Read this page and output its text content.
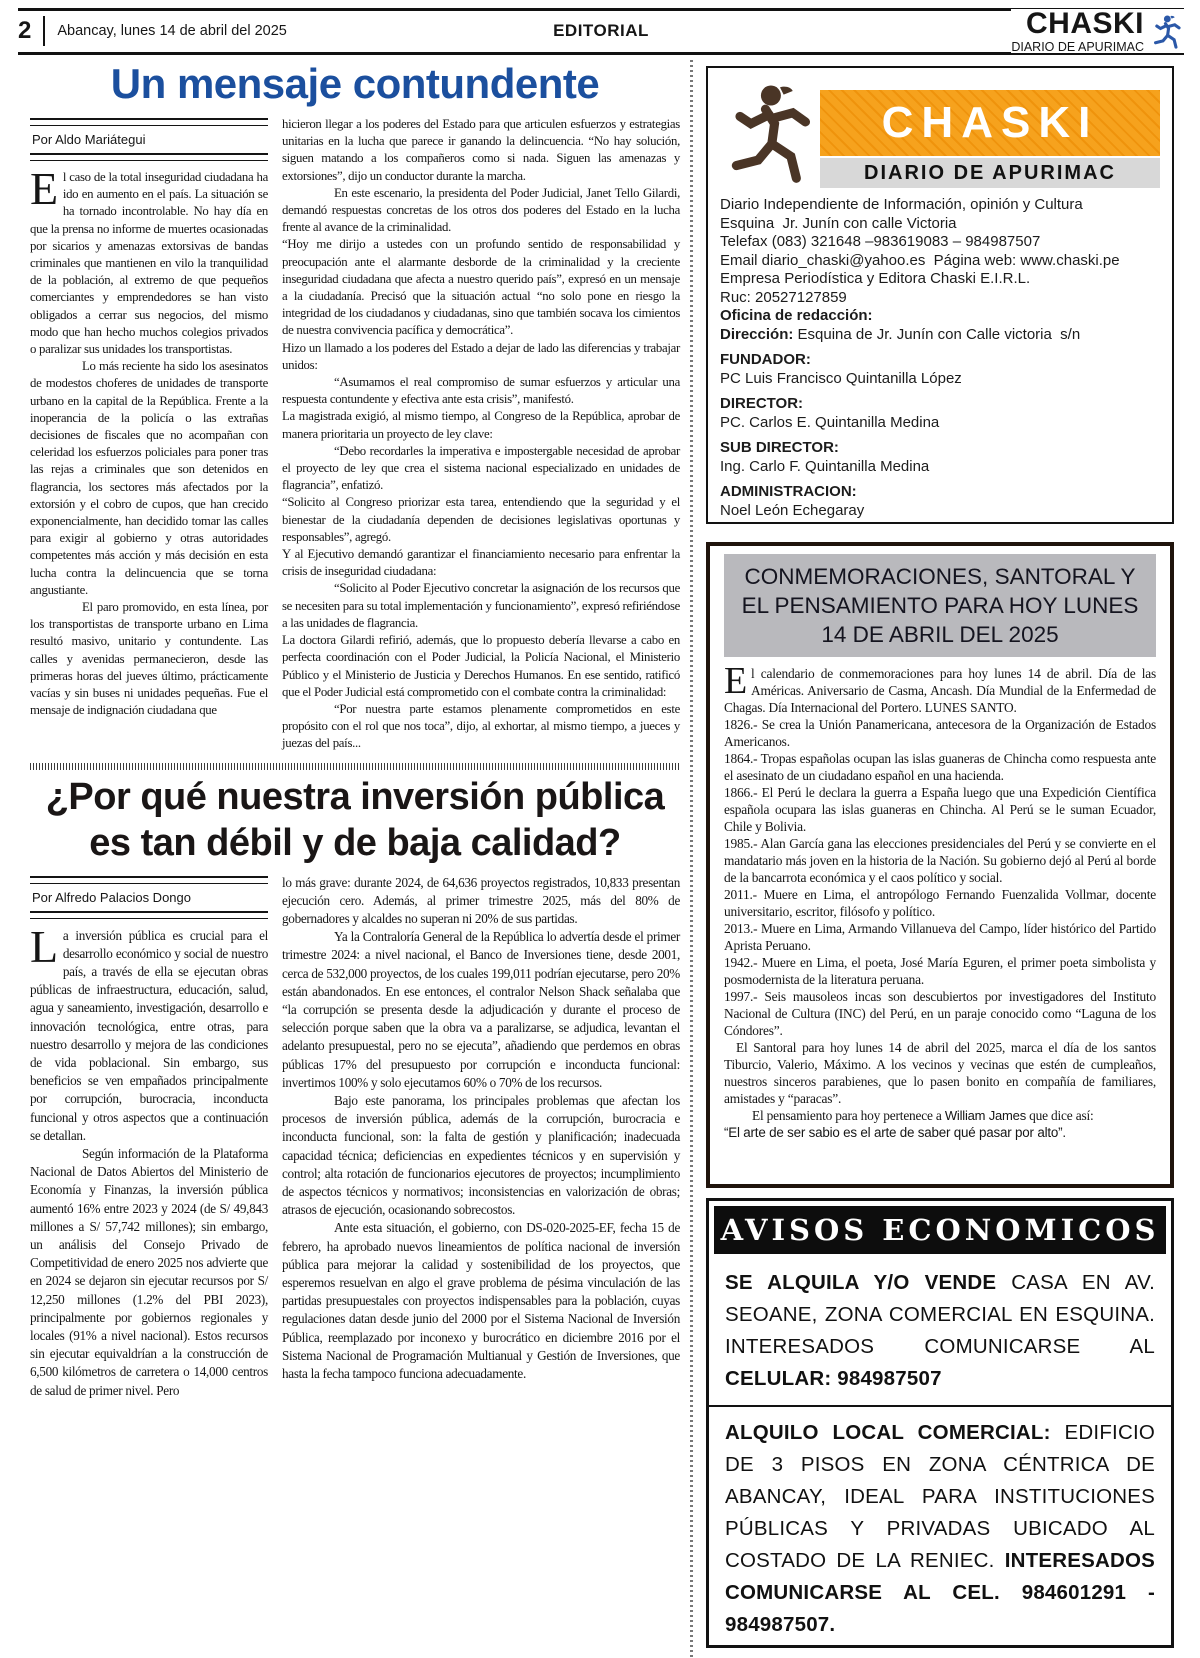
2 Abancay, lunes 14 de abril del 2025	EDITORIAL	CHASKI
DIARIO DE APURIMAC
Un mensaje contundente
Por Aldo Mariátegui

El caso de la total inseguridad ciudadana ha ido en aumento en el país. La situación se ha tornado incontrolable. No hay día en que la prensa no informe de muertes ocasionadas por sicarios y amenazas extorsivas de bandas criminales que mantienen en vilo la tranquilidad de la población, al extremo de que pequeños comerciantes y emprendedores se han visto obligados a cerrar sus negocios, del mismo modo que han hecho muchos colegios privados o paralizar sus unidades los transportistas.

Lo más reciente ha sido los asesinatos de modestos choferes de unidades de transporte urbano en la capital de la República. Frente a la inoperancia de la policía o las extrañas decisiones de fiscales que no acompañan con celeridad los esfuerzos policiales para poner tras las rejas a criminales que son detenidos en flagrancia, los sectores más afectados por la extorsión y el cobro de cupos, que han crecido exponencialmente, han decidido tomar las calles para exigir al gobierno y otras autoridades competentes más acción y más decisión en esta lucha contra la delincuencia que se torna angustiante.

El paro promovido, en esta línea, por los transportistas de transporte urbano en Lima resultó masivo, unitario y contundente. Las calles y avenidas permanecieron, desde las primeras horas del jueves último, prácticamente vacías y sin buses ni unidades pequeñas. Fue el mensaje de indignación ciudadana que

hicieron llegar a los poderes del Estado para que articulen esfuerzos y estrategias unitarias en la lucha que parece ir ganando la delincuencia. “No hay solución, siguen matando a los compañeros como si nada. Siguen las amenazas y extorsiones”, dijo un conductor durante la marcha.

En este escenario, la presidenta del Poder Judicial, Janet Tello Gilardi, demandó respuestas concretas de los otros dos poderes del Estado en la lucha frente al avance de la criminalidad.

“Hoy me dirijo a ustedes con un profundo sentido de responsabilidad y preocupación ante el alarmante desborde de la criminalidad y la creciente inseguridad ciudadana que afecta a nuestro querido país”, expresó en un mensaje a la ciudadanía. Precisó que la situación actual “no solo pone en riesgo la integridad de los ciudadanos y ciudadanas, sino que también socava los cimientos de nuestra convivencia pacífica y democrática”.

Hizo un llamado a los poderes del Estado a dejar de lado las diferencias y trabajar unidos:

“Asumamos el real compromiso de sumar esfuerzos y articular una respuesta contundente y efectiva ante esta crisis”, manifestó.

La magistrada exigió, al mismo tiempo, al Congreso de la República, aprobar de manera prioritaria un proyecto de ley clave:

“Debo recordarles la imperativa e impostergable necesidad de aprobar el proyecto de ley que crea el sistema nacional especializado en unidades de flagrancia”, enfatizó.

“Solicito al Congreso priorizar esta tarea, entendiendo que la seguridad y el bienestar de la ciudadanía dependen de decisiones legislativas oportunas y responsables”, agregó.

Y al Ejecutivo demandó garantizar el financiamiento necesario para enfrentar la crisis de inseguridad ciudadana:

“Solicito al Poder Ejecutivo concretar la asignación de los recursos que se necesiten para su total implementación y funcionamiento”, expresó refiriéndose a las unidades de flagrancia.

La doctora Gilardi refirió, además, que lo propuesto debería llevarse a cabo en perfecta coordinación con el Poder Judicial, la Policía Nacional, el Ministerio Público y el Ministerio de Justicia y Derechos Humanos. En ese sentido, ratificó que el Poder Judicial está comprometido con el combate contra la criminalidad:

“Por nuestra parte estamos plenamente comprometidos en este propósito con el rol que nos toca”, dijo, al exhortar, al mismo tiempo, a jueces y juezas del país...

¿Por qué nuestra inversión pública
es tan débil y de baja calidad?
Por Alfredo Palacios Dongo

La inversión pública es crucial para el desarrollo económico y social de nuestro país, a través de ella se ejecutan obras públicas de infraestructura, educación, salud, agua y saneamiento, investigación, desarrollo e innovación tecnológica, entre otras, para nuestro desarrollo y mejora de las condiciones de vida poblacional. Sin embargo, sus beneficios se ven empañados principalmente por corrupción, burocracia, inconducta funcional y otros aspectos que a continuación se detallan.

Según información de la Plataforma Nacional de Datos Abiertos del Ministerio de Economía y Finanzas, la inversión pública aumentó 16% entre 2023 y 2024 (de S/ 49,843 millones a S/ 57,742 millones); sin embargo, un análisis del Consejo Privado de Competitividad de enero 2025 nos advierte que en 2024 se dejaron sin ejecutar recursos por S/ 12,250 millones (1.2% del PBI 2023), principalmente por gobiernos regionales y locales (91% a nivel nacional). Estos recursos sin ejecutar equivaldrían a la construcción de 6,500 kilómetros de carretera o 14,000 centros de salud de primer nivel. Pero

lo más grave: durante 2024, de 64,636 proyectos registrados, 10,833 presentan ejecución cero. Además, al primer trimestre 2025, más del 80% de gobernadores y alcaldes no superan ni 20% de sus partidas.

Ya la Contraloría General de la República lo advertía desde el primer trimestre 2024: a nivel nacional, el Banco de Inversiones tiene, desde 2001, cerca de 532,000 proyectos, de los cuales 199,011 podrían ejecutarse, pero 20% están abandonados. En ese entonces, el contralor Nelson Shack señalaba que “la corrupción se presenta desde la adjudicación y durante el proceso de selección porque saben que la obra va a paralizarse, se adjudica, levantan el adelanto presupuestal, pero no se ejecuta”, añadiendo que perdemos en obras públicas 17% del presupuesto por corrupción e inconducta funcional: invertimos 100% y solo ejecutamos 60% o 70% de los recursos.

Bajo este panorama, los principales problemas que afectan los procesos de inversión pública, además de la corrupción, burocracia e inconducta funcional, son: la falta de gestión y planificación; inadecuada capacidad técnica; deficiencias en expedientes técnicos y en supervisión y control; alta rotación de funcionarios ejecutores de proyectos; incumplimiento de aspectos técnicos y normativos; inconsistencias en valorización de obras; atrasos de ejecución, ocasionando sobrecostos.

Ante esta situación, el gobierno, con DS-020-2025-EF, fecha 15 de febrero, ha aprobado nuevos lineamientos de política nacional de inversión pública para mejorar la calidad y sostenibilidad de los proyectos, que esperemos resuelvan en algo el grave problema de pésima vinculación de las partidas presupuestales con proyectos indispensables para la población, cuyas regulaciones datan desde junio del 2000 por el Sistema Nacional de Inversión Pública, reemplazado por inconexo y burocrático en diciembre 2016 por el Sistema Nacional de Programación Multianual y Gestión de Inversiones, que hasta la fecha tampoco funciona adecuadamente.

CHASKI
DIARIO DE APURIMAC
Diario Independiente de Información, opinión y Cultura
Esquina  Jr. Junín con calle Victoria
Telefax (083) 321648 –983619083 – 984987507
Email diario_chaski@yahoo.es  Página web: www.chaski.pe
Empresa Periodística y Editora Chaski E.I.R.L.
Ruc: 20527127859
Oficina de redacción:
Dirección: Esquina de Jr. Junín con Calle victoria  s/n
FUNDADOR:
PC Luis Francisco Quintanilla López
DIRECTOR:
PC. Carlos E. Quintanilla Medina
SUB DIRECTOR:
Ing. Carlo F. Quintanilla Medina
ADMINISTRACION:
Noel León Echegaray
CONMEMORACIONES, SANTORAL Y EL PENSAMIENTO PARA HOY LUNES 14 DE ABRIL DEL 2025

El calendario de conmemoraciones para hoy lunes 14 de abril. Día de las Américas. Aniversario de Casma, Ancash. Día Mundial de la Enfermedad de Chagas. Día Internacional del Portero. LUNES SANTO.

1826.- Se crea la Unión Panamericana, antecesora de la Organización de Estados Americanos.

1864.- Tropas españolas ocupan las islas guaneras de Chincha como respuesta ante el asesinato de un ciudadano español en una hacienda.

1866.- El Perú le declara la guerra a España luego que una Expedición Científica española ocupara las islas guaneras en Chincha. Al Perú se le suman Ecuador, Chile y Bolivia.

1985.- Alan García gana las elecciones presidenciales del Perú y se convierte en el mandatario más joven en la historia de la Nación. Su gobierno dejó al Perú al borde de la bancarrota económica y el caos político y social.

2011.- Muere en Lima, el antropólogo Fernando Fuenzalida Vollmar, docente universitario, escritor, filósofo y político.

2013.- Muere en Lima, Armando Villanueva del Campo, líder histórico del Partido Aprista Peruano.

1942.- Muere en Lima, el poeta, José María Eguren, el primer poeta simbolista y posmodernista de la literatura peruana.

1997.- Seis mausoleos incas son descubiertos por investigadores del Instituto Nacional de Cultura (INC) del Perú, en un paraje conocido como “Laguna de los Cóndores”.

El Santoral para hoy lunes 14 de abril del 2025, marca el día de los santos Tiburcio, Valerio, Máximo. A los vecinos y vecinas que estén de cumpleaños, nuestros sinceros parabienes, que lo pasen bonito en compañía de familiares, amistades y “paracas”.

El pensamiento para hoy pertenece a William James que dice así:

“El arte de ser sabio es el arte de saber qué pasar por alto”.

AVISOS ECONOMICOS
SE ALQUILA Y/O VENDE CASA EN AV. SEOANE, ZONA COMERCIAL EN ESQUINA. INTERESADOS COMUNICARSE AL CELULAR: 984987507
ALQUILO LOCAL COMERCIAL: EDIFICIO DE 3 PISOS EN ZONA CÉNTRICA DE ABANCAY, IDEAL PARA INSTITUCIONES PÚBLICAS Y PRIVADAS UBICADO AL COSTADO DE LA RENIEC. INTERESADOS COMUNICARSE AL CEL. 984601291 - 984987507.
